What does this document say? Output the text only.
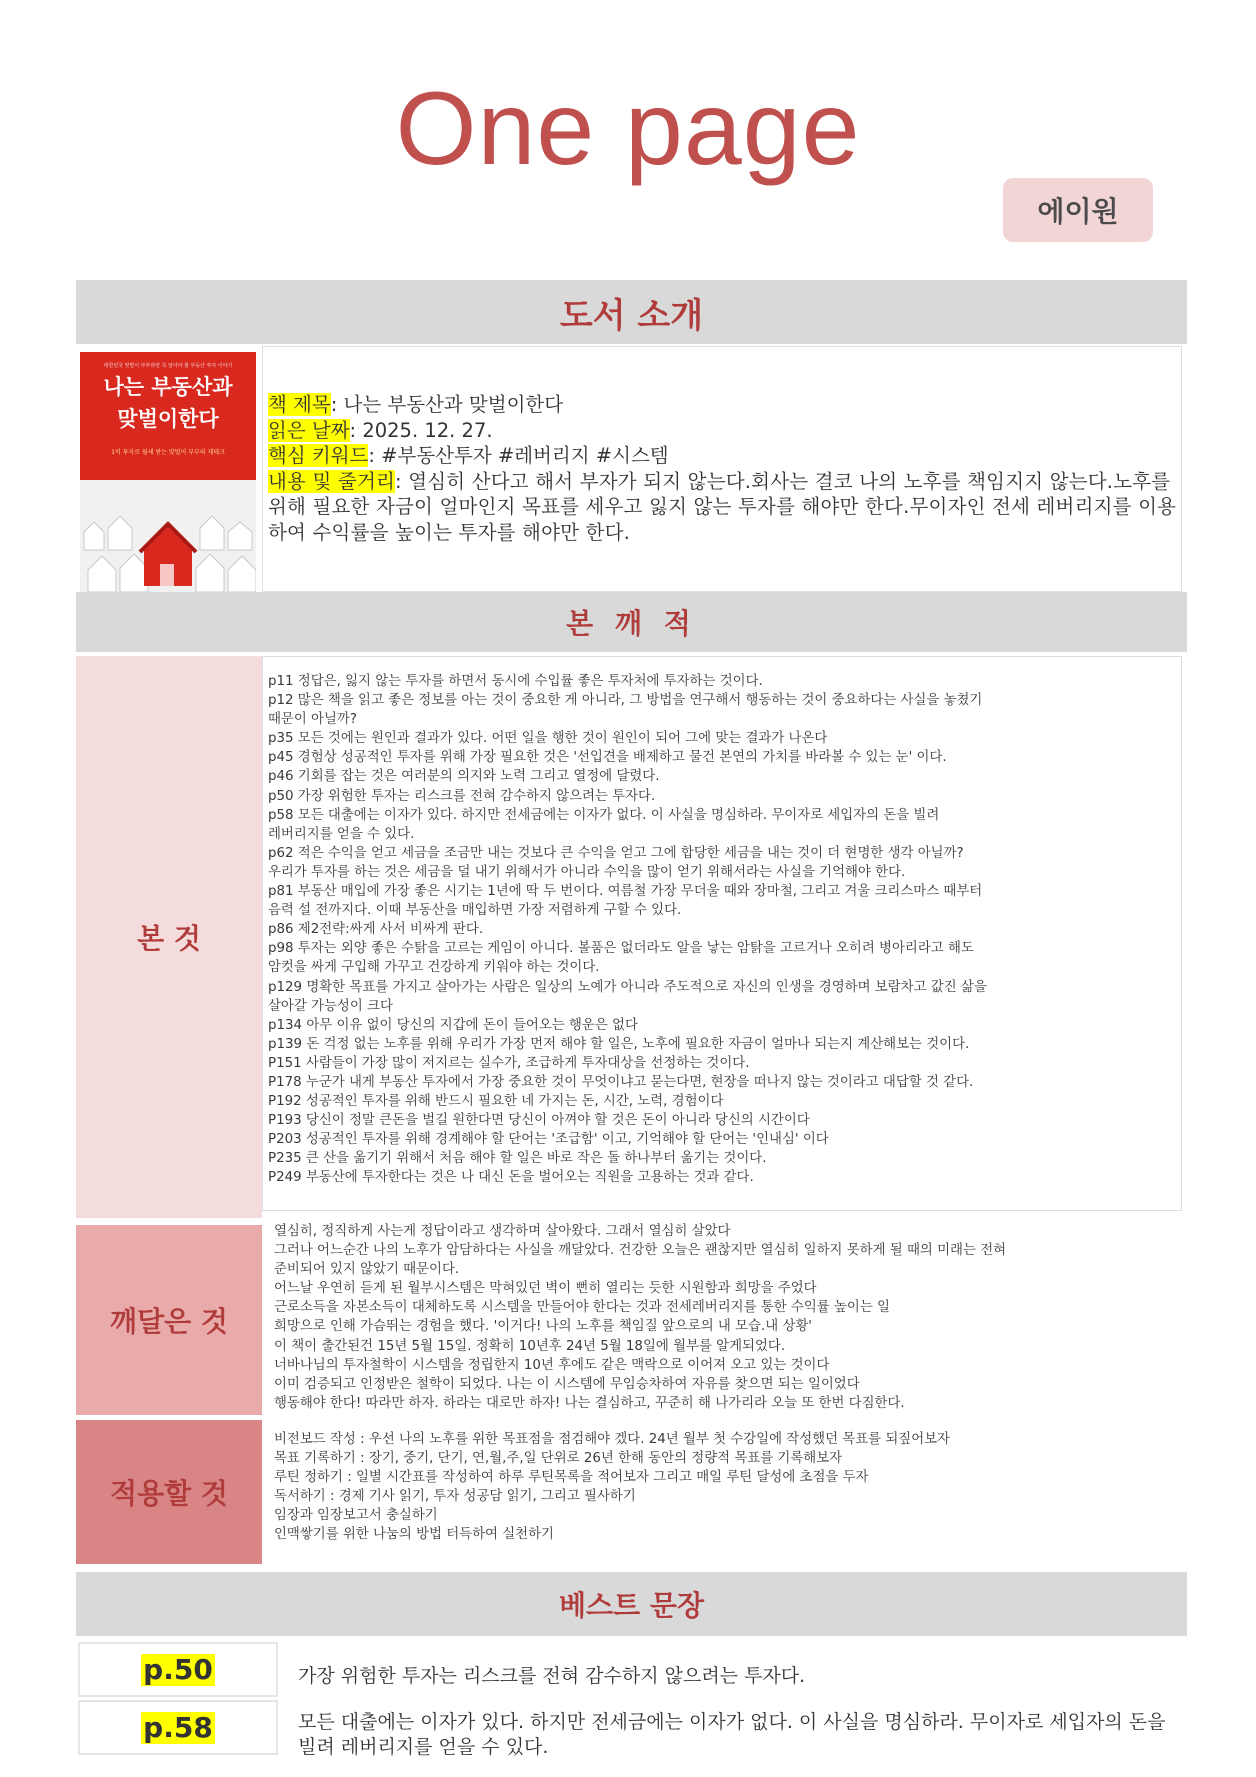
One page
에이원
도서 소개
대한민국 맞벌이 부부라면 꼭 알아야 할 부동산 투자 이야기
나는 부동산과
맞벌이한다
1억 투자로 월세 받는 맞벌이 부부의 재테크
책 제목: 나는 부동산과 맞벌이한다
읽은 날짜: 2025. 12. 27.
핵심 키워드: #부동산투자 #레버리지 #시스템
내용 및 줄거리: 열심히 산다고 해서 부자가 되지 않는다.회사는 결코 나의 노후를 책임지지 않는다.노후를 위해 필요한 자금이 얼마인지 목표를 세우고 잃지 않는 투자를 해야만 한다.무이자인 전세 레버리지를 이용하여 수익률을 높이는 투자를 해야만 한다.
본 깨 적
본 것
p11 정답은, 잃지 않는 투자를 하면서 동시에 수입률 좋은 투자처에 투자하는 것이다.
p12 많은 책을 읽고 좋은 정보를 아는 것이 중요한 게 아니라, 그 방법을 연구해서 행동하는 것이 중요하다는 사실을 놓쳤기
때문이 아닐까?
p35 모든 것에는 원인과 결과가 있다. 어떤 일을 행한 것이 원인이 되어 그에 맞는 결과가 나온다
p45 경험상 성공적인 투자를 위해 가장 필요한 것은 '선입견을 배제하고 물건 본연의 가치를 바라볼 수 있는 눈' 이다.
p46 기회를 잡는 것은 여러분의 의지와 노력 그리고 열정에 달렸다.
p50 가장 위험한 투자는 리스크를 전혀 감수하지 않으려는 투자다.
p58 모든 대출에는 이자가 있다. 하지만 전세금에는 이자가 없다. 이 사실을 명심하라. 무이자로 세입자의 돈을 빌려
레버리지를 얻을 수 있다.
p62 적은 수익을 얻고 세금을 조금만 내는 것보다 큰 수익을 얻고 그에 합당한 세금을 내는 것이 더 현명한 생각 아닐까?
우리가 투자를 하는 것은 세금을 덜 내기 위해서가 아니라 수익을 많이 얻기 위해서라는 사실을 기억해야 한다.
p81 부동산 매입에 가장 좋은 시기는 1년에 딱 두 번이다. 여름철 가장 무더울 때와 장마철, 그리고 겨울 크리스마스 때부터
음력 설 전까지다. 이때 부동산을 매입하면 가장 저렴하게 구할 수 있다.
p86 제2전략:싸게 사서 비싸게 판다.
p98 투자는 외양 좋은 수탉을 고르는 게임이 아니다. 볼품은 없더라도 알을 낳는 암탉을 고르거나 오히려 병아리라고 해도
암컷을 싸게 구입해 가꾸고 건강하게 키워야 하는 것이다.
p129 명확한 목표를 가지고 살아가는 사람은 일상의 노예가 아니라 주도적으로 자신의 인생을 경영하며 보람차고 값진 삶을
살아갈 가능성이 크다
p134 아무 이유 없이 당신의 지갑에 돈이 들어오는 행운은 없다
p139 돈 걱정 없는 노후를 위해 우리가 가장 먼저 해야 할 일은, 노후에 필요한 자금이 얼마나 되는지 계산해보는 것이다.
P151 사람들이 가장 많이 저지르는 실수가, 조급하게 투자대상을 선정하는 것이다.
P178 누군가 내게 부동산 투자에서 가장 중요한 것이 무엇이냐고 묻는다면, 현장을 떠나지 않는 것이라고 대답할 것 같다.
P192 성공적인 투자를 위해 반드시 필요한 네 가지는 돈, 시간, 노력, 경험이다
P193 당신이 정말 큰돈을 벌길 원한다면 당신이 아껴야 할 것은 돈이 아니라 당신의 시간이다
P203 성공적인 투자를 위해 경계해야 할 단어는 '조급함' 이고, 기억해야 할 단어는 '인내심' 이다
P235 큰 산을 옮기기 위해서 처음 해야 할 일은 바로 작은 돌 하나부터 옮기는 것이다.
P249 부동산에 투자한다는 것은 나 대신 돈을 벌어오는 직원을 고용하는 것과 같다.
깨달은 것
열심히, 정직하게 사는게 정답이라고 생각하며 살아왔다. 그래서 열심히 살았다
그러나 어느순간 나의 노후가 암담하다는 사실을 깨달았다. 건강한 오늘은 괜찮지만 열심히 일하지 못하게 될 때의 미래는 전혀
준비되어 있지 않았기 때문이다.
어느날 우연히 듣게 된 월부시스템은 막혀있던 벽이 뻔히 열리는 듯한 시원함과 희망을 주었다
근로소득을 자본소득이 대체하도록 시스템을 만들어야 한다는 것과 전세레버리지를 통한 수익률 높이는 일
희망으로 인해 가슴뛰는 경험을 했다. '이거다! 나의 노후를 책임질 앞으로의 내 모습.내 상황'
이 책이 출간된건 15년 5월 15일. 정확히 10년후 24년 5월 18일에 월부를 알게되었다.
너바나님의 투자철학이 시스템을 정립한지 10년 후에도 같은 맥락으로 이어져 오고 있는 것이다
이미 검증되고 인정받은 철학이 되었다. 나는 이 시스템에 무임승차하여 자유를 찾으면 되는 일이었다
행동해야 한다! 따라만 하자. 하라는 대로만 하자! 나는 결심하고, 꾸준히 해 나가리라 오늘 또 한번 다짐한다.
적용할 것
비전보드 작성 : 우선 나의 노후를 위한 목표점을 점검해야 겠다. 24년 월부 첫 수강일에 작성했던 목표를 되짚어보자
목표 기록하기 : 장기, 중기, 단기, 연,월,주,일 단위로 26년 한해 동안의 정량적 목표를 기록해보자
루틴 정하기 : 일별 시간표를 작성하여 하루 루틴목록을 적어보자 그리고 매일 루틴 달성에 초점을 두자
독서하기 : 경제 기사 읽기, 투자 성공담 읽기, 그리고 필사하기
임장과 임장보고서 충실하기
인맥쌓기를 위한 나눔의 방법 터득하여 실천하기
베스트 문장
p.50	가장 위험한 투자는 리스크를 전혀 감수하지 않으려는 투자다.
p.58	모든 대출에는 이자가 있다. 하지만 전세금에는 이자가 없다. 이 사실을 명심하라. 무이자로 세입자의 돈을 빌려 레버리지를 얻을 수 있다.
